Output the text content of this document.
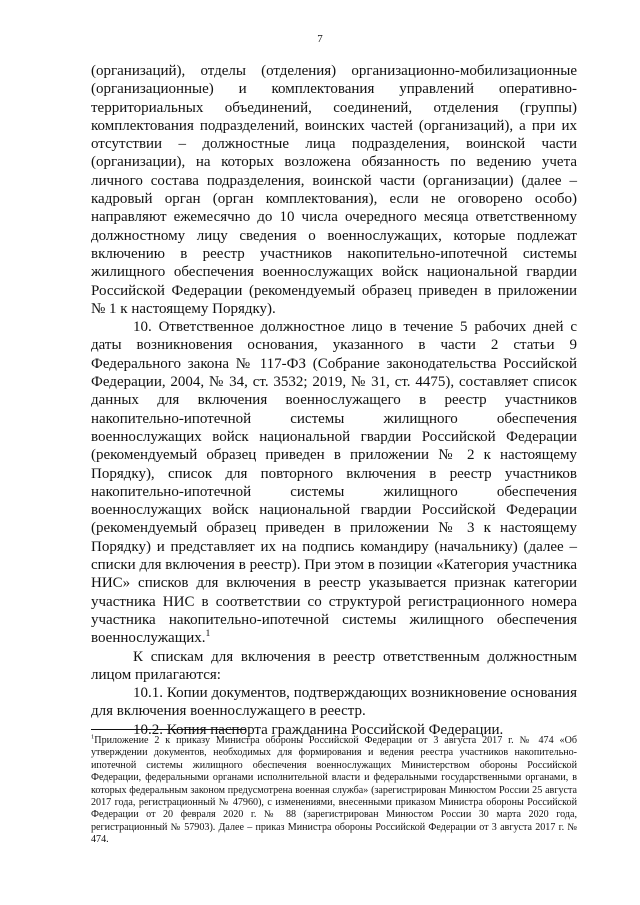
7

(организаций), отделы (отделения) организационно-мобилизационные (организационные) и комплектования управлений оперативно-территориальных объединений, соединений, отделения (группы) комплектования подразделений, воинских частей (организаций), а при их отсутствии – должностные лица подразделения, воинской части (организации), на которых возложена обязанность по ведению учета личного состава подразделения, воинской части (организации) (далее – кадровый орган (орган комплектования), если не оговорено особо) направляют ежемесячно до 10 числа очередного месяца ответственному должностному лицу сведения о военнослужащих, которые подлежат включению в реестр участников накопительно-ипотечной системы жилищного обеспечения военнослужащих войск национальной гвардии Российской Федерации (рекомендуемый образец приведен в приложении № 1 к настоящему Порядку).

10. Ответственное должностное лицо в течение 5 рабочих дней с даты возникновения основания, указанного в части 2 статьи 9 Федерального закона № 117-ФЗ (Собрание законодательства Российской Федерации, 2004, № 34, ст. 3532; 2019, № 31, ст. 4475), составляет список данных для включения военнослужащего в реестр участников накопительно-ипотечной системы жилищного обеспечения военнослужащих войск национальной гвардии Российской Федерации (рекомендуемый образец приведен в приложении № 2 к настоящему Порядку), список для повторного включения в реестр участников накопительно-ипотечной системы жилищного обеспечения военнослужащих войск национальной гвардии Российской Федерации (рекомендуемый образец приведен в приложении № 3 к настоящему Порядку) и представляет их на подпись командиру (начальнику) (далее – списки для включения в реестр). При этом в позиции «Категория участника НИС» списков для включения в реестр указывается признак категории участника НИС в соответствии со структурой регистрационного номера участника накопительно-ипотечной системы жилищного обеспечения военнослужащих.$^1$

К спискам для включения в реестр ответственным должностным лицом прилагаются:

10.1. Копии документов, подтверждающих возникновение основания для включения военнослужащего в реестр.

10.2. Копия паспорта гражданина Российской Федерации.

$^1$Приложение 2 к приказу Министра обороны Российской Федерации от 3 августа 2017 г. № 474 «Об утверждении документов, необходимых для формирования и ведения реестра участников накопительно-ипотечной системы жилищного обеспечения военнослужащих Министерством обороны Российской Федерации, федеральными органами исполнительной власти и федеральными государственными органами, в которых федеральным законом предусмотрена военная служба» (зарегистрирован Минюстом России 25 августа 2017 года, регистрационный № 47960), с изменениями, внесенными приказом Министра обороны Российской Федерации от 20 февраля 2020 г. № 88 (зарегистрирован Минюстом России 30 марта 2020 года, регистрационный № 57903). Далее – приказ Министра обороны Российской Федерации от 3 августа 2017 г. № 474.
